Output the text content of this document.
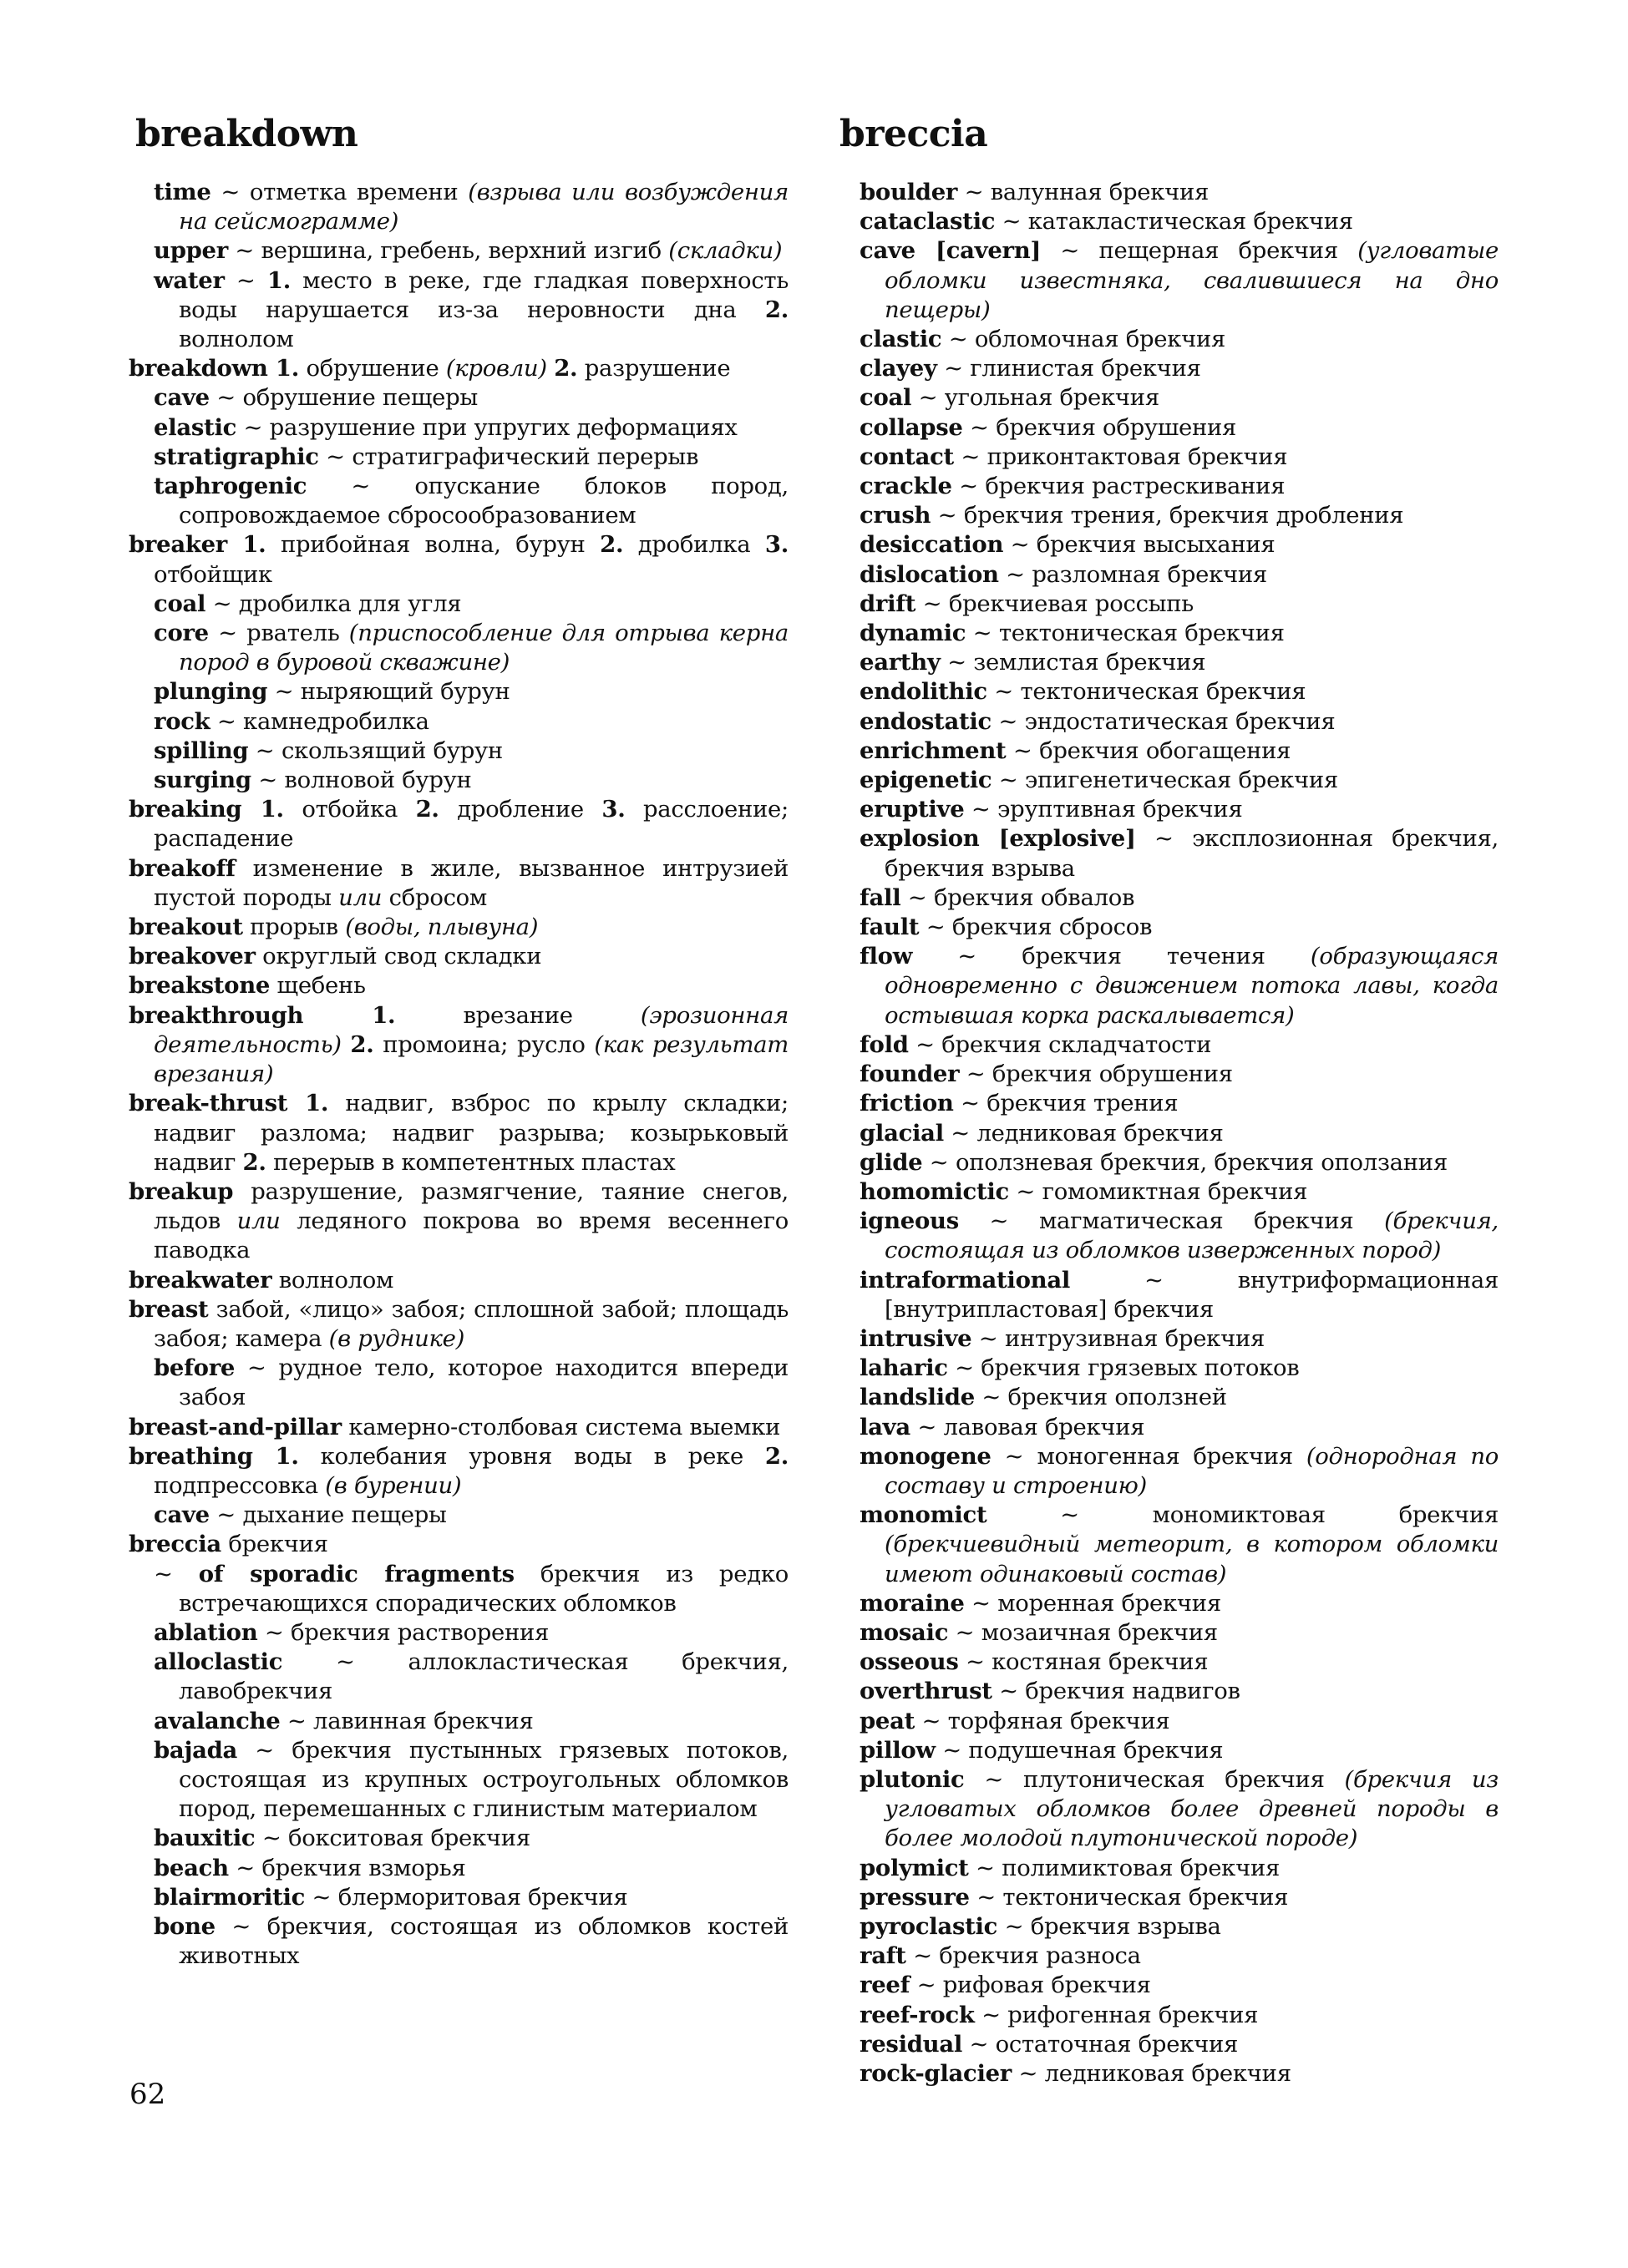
breakdown	breccia

time ~ отметка времени (взрыва или возбуждения на сейсмограмме)

upper ~ вершина, гребень, верхний изгиб (складки)

water ~ 1. место в реке, где гладкая поверхность воды нарушается из-за неровности дна 2. волнолом

breakdown 1. обрушение (кровли) 2. разрушение

cave ~ обрушение пещеры

elastic ~ разрушение при упругих деформациях

stratigraphic ~ стратиграфический перерыв

taphrogenic ~ опускание блоков пород, сопровождаемое сбросообразованием

breaker 1. прибойная волна, бурун 2. дробилка 3. отбойщик

coal ~ дробилка для угля

core ~ рватель (приспособление для отрыва керна пород в буровой скважине)

plunging ~ ныряющий бурун

rock ~ камнедробилка

spilling ~ скользящий бурун

surging ~ волновой бурун

breaking 1. отбойка 2. дробление 3. расслоение; распадение

breakoff изменение в жиле, вызванное интрузией пустой породы или сбросом

breakout прорыв (воды, плывуна)

breakover округлый свод складки

breakstone щебень

breakthrough 1. врезание (эрозионная деятельность) 2. промоина; русло (как результат врезания)

break-thrust 1. надвиг, взброс по крылу складки; надвиг разлома; надвиг разрыва; козырьковый надвиг 2. перерыв в компетентных пластах

breakup разрушение, размягчение, таяние снегов, льдов или ледяного покрова во время весеннего паводка

breakwater волнолом

breast забой, «лицо» забоя; сплошной забой; площадь забоя; камера (в руднике)

before ~ рудное тело, которое находится впереди забоя

breast-and-pillar камерно-столбовая система выемки

breathing 1. колебания уровня воды в реке 2. подпрессовка (в бурении)

cave ~ дыхание пещеры

breccia брекчия

~ of sporadic fragments брекчия из редко встречающихся спорадических обломков

ablation ~ брекчия растворения

alloclastic ~ аллокластическая брекчия, лавобрекчия

avalanche ~ лавинная брекчия

bajada ~ брекчия пустынных грязевых потоков, состоящая из крупных остроугольных обломков пород, перемешанных с глинистым материалом

bauxitic ~ бокситовая брекчия

beach ~ брекчия взморья

blairmoritic ~ блерморитовая брекчия

bone ~ брекчия, состоящая из обломков костей животных

boulder ~ валунная брекчия

cataclastic ~ катакластическая брекчия

cave [cavern] ~ пещерная брекчия (угловатые обломки известняка, свалившиеся на дно пещеры)

clastic ~ обломочная брекчия

clayey ~ глинистая брекчия

coal ~ угольная брекчия

collapse ~ брекчия обрушения

contact ~ приконтактовая брекчия

crackle ~ брекчия растрескивания

crush ~ брекчия трения, брекчия дробления

desiccation ~ брекчия высыхания

dislocation ~ разломная брекчия

drift ~ брекчиевая россыпь

dynamic ~ тектоническая брекчия

earthy ~ землистая брекчия

endolithic ~ тектоническая брекчия

endostatic ~ эндостатическая брекчия

enrichment ~ брекчия обогащения

epigenetic ~ эпигенетическая брекчия

eruptive ~ эруптивная брекчия

explosion [explosive] ~ эксплозионная брекчия, брекчия взрыва

fall ~ брекчия обвалов

fault ~ брекчия сбросов

flow ~ брекчия течения (образующаяся одновременно с движением потока лавы, когда остывшая корка раскалывается)

fold ~ брекчия складчатости

founder ~ брекчия обрушения

friction ~ брекчия трения

glacial ~ ледниковая брекчия

glide ~ оползневая брекчия, брекчия оползания

homomictic ~ гомомиктная брекчия

igneous ~ магматическая брекчия (брекчия, состоящая из обломков изверженных пород)

intraformational ~ внутриформационная [внутрипластовая] брекчия

intrusive ~ интрузивная брекчия

laharic ~ брекчия грязевых потоков

landslide ~ брекчия оползней

lava ~ лавовая брекчия

monogene ~ моногенная брекчия (однородная по составу и строению)

monomict ~ мономиктовая брекчия (брекчиевидный метеорит, в котором обломки имеют одинаковый состав)

moraine ~ моренная брекчия

mosaic ~ мозаичная брекчия

osseous ~ костяная брекчия

overthrust ~ брекчия надвигов

peat ~ торфяная брекчия

pillow ~ подушечная брекчия

plutonic ~ плутоническая брекчия (брекчия из угловатых обломков более древней породы в более молодой плутонической породе)

polymict ~ полимиктовая брекчия

pressure ~ тектоническая брекчия

pyroclastic ~ брекчия взрыва

raft ~ брекчия разноса

reef ~ рифовая брекчия

reef-rock ~ рифогенная брекчия

residual ~ остаточная брекчия

rock-glacier ~ ледниковая брекчия

62
